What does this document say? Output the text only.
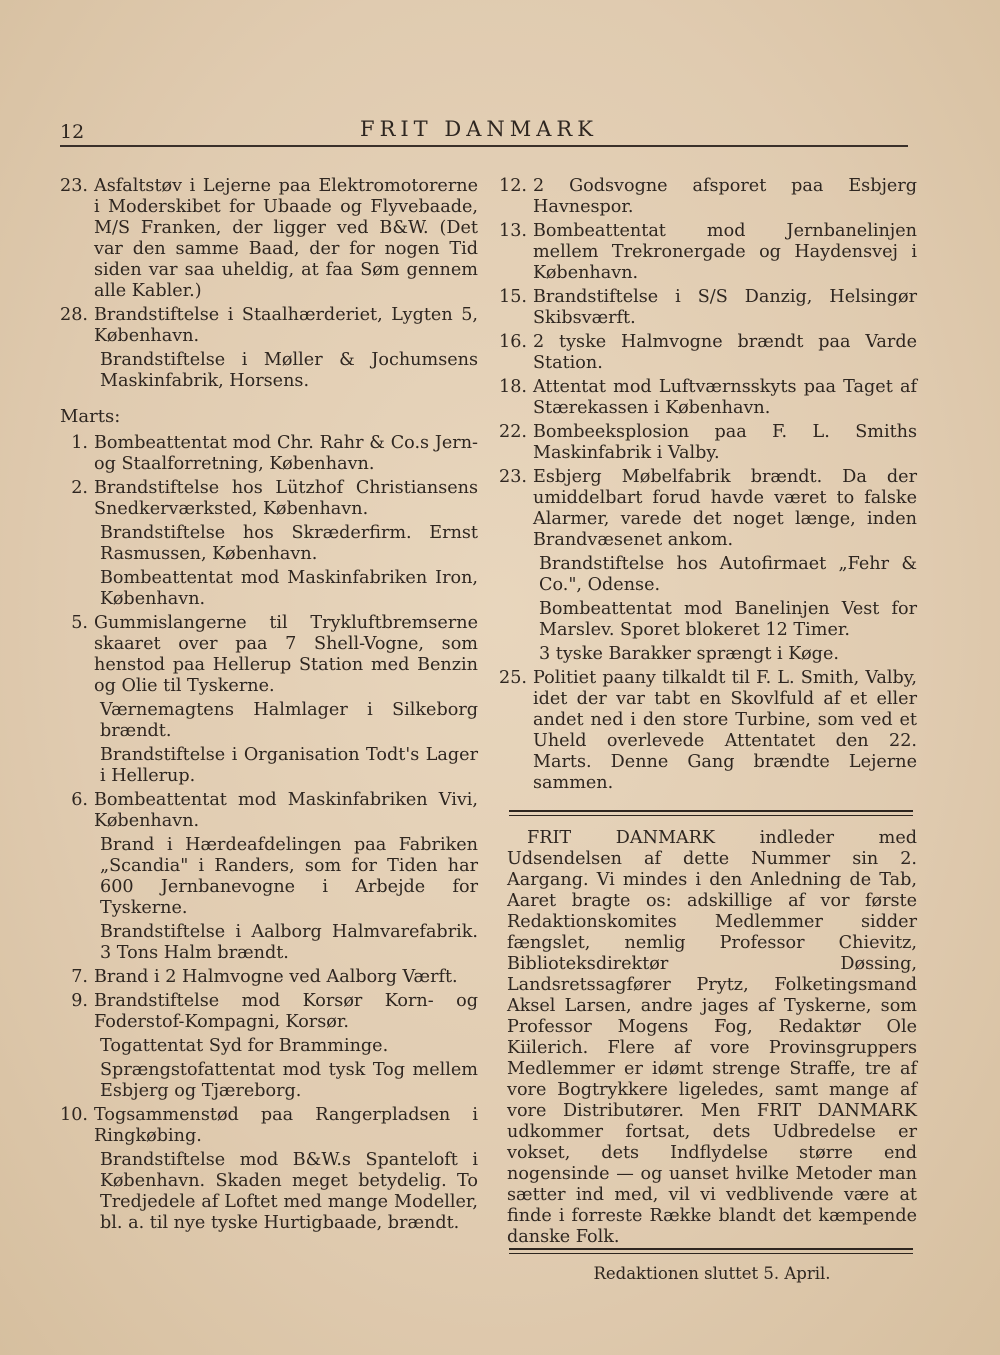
12	FRIT DANMARK
23. Asfaltstøv i Lejerne paa Elektromotorerne i Moderskibet for Ubaade og Flyvebaade, M/S Franken, der ligger ved B&W. (Det var den samme Baad, der for nogen Tid siden var saa uheldig, at faa Søm gennem alle Kabler.)
28. Brandstiftelse i Staalhærderiet, Lygten 5, København.
Brandstiftelse i Møller & Jochumsens Maskinfabrik, Horsens.
Marts:
1. Bombeattentat mod Chr. Rahr & Co.s Jern- og Staalforretning, København.
2. Brandstiftelse hos Lützhof Christiansens Snedkerværksted, København.
Brandstiftelse hos Skræderfirm. Ernst Rasmussen, København.
Bombeattentat mod Maskinfabriken Iron, København.
5. Gummislangerne til Trykluftbremserne skaaret over paa 7 Shell-Vogne, som henstod paa Hellerup Station med Benzin og Olie til Tyskerne.
Værnemagtens Halmlager i Silkeborg brændt.
Brandstiftelse i Organisation Todt's Lager i Hellerup.
6. Bombeattentat mod Maskinfabriken Vivi, København.
Brand i Hærdeafdelingen paa Fabriken „Scandia" i Randers, som for Tiden har 600 Jernbanevogne i Arbejde for Tyskerne.
Brandstiftelse i Aalborg Halmvarefabrik. 3 Tons Halm brændt.
7. Brand i 2 Halmvogne ved Aalborg Værft.
9. Brandstiftelse mod Korsør Korn- og Foderstof-Kompagni, Korsør.
Togattentat Syd for Bramminge.
Sprængstofattentat mod tysk Tog mellem Esbjerg og Tjæreborg.
10. Togsammenstød paa Rangerpladsen i Ringkøbing.
Brandstiftelse mod B&W.s Spanteloft i København. Skaden meget betydelig. To Tredjedele af Loftet med mange Modeller, bl. a. til nye tyske Hurtigbaade, brændt.
12. 2 Godsvogne afsporet paa Esbjerg Havnespor.
13. Bombeattentat mod Jernbanelinjen mellem Trekronergade og Haydensvej i København.
15. Brandstiftelse i S/S Danzig, Helsingør Skibsværft.
16. 2 tyske Halmvogne brændt paa Varde Station.
18. Attentat mod Luftværnsskyts paa Taget af Stærekassen i København.
22. Bombeeksplosion paa F. L. Smiths Maskinfabrik i Valby.
23. Esbjerg Møbelfabrik brændt. Da der umiddelbart forud havde været to falske Alarmer, varede det noget længe, inden Brandvæsenet ankom.
Brandstiftelse hos Autofirmaet „Fehr & Co.", Odense.
Bombeattentat mod Banelinjen Vest for Marslev. Sporet blokeret 12 Timer.
3 tyske Barakker sprængt i Køge.
25. Politiet paany tilkaldt til F. L. Smith, Valby, idet der var tabt en Skovlfuld af et eller andet ned i den store Turbine, som ved et Uheld overlevede Attentatet den 22. Marts. Denne Gang brændte Lejerne sammen.
FRIT DANMARK indleder med Udsendelsen af dette Nummer sin 2. Aargang. Vi mindes i den Anledning de Tab, Aaret bragte os: adskillige af vor første Redaktionskomites Medlemmer sidder fængslet, nemlig Professor Chievitz, Biblioteksdirektør Døssing, Landsretssagfører Prytz, Folketingsmand Aksel Larsen, andre jages af Tyskerne, som Professor Mogens Fog, Redaktør Ole Kiilerich. Flere af vore Provinsgruppers Medlemmer er idømt strenge Straffe, tre af vore Bogtrykkere ligeledes, samt mange af vore Distributører. Men FRIT DANMARK udkommer fortsat, dets Udbredelse er vokset, dets Indflydelse større end nogensinde — og uanset hvilke Metoder man sætter ind med, vil vi vedblivende være at finde i forreste Række blandt det kæmpende danske Folk.
Redaktionen sluttet 5. April.
